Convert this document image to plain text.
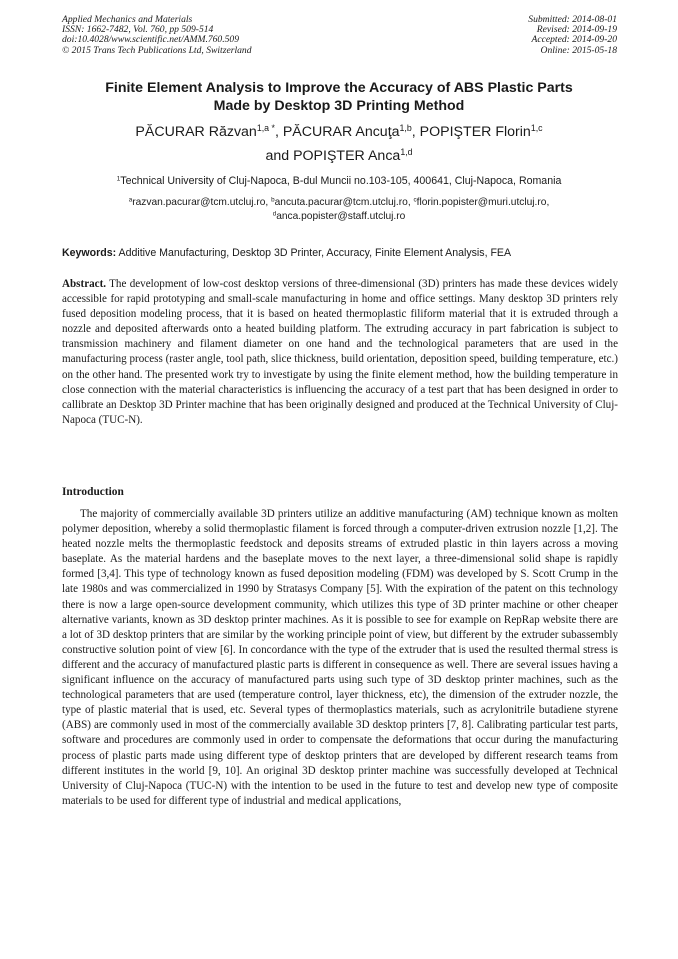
Applied Mechanics and Materials
ISSN: 1662-7482, Vol. 760, pp 509-514
doi:10.4028/www.scientific.net/AMM.760.509
© 2015 Trans Tech Publications Ltd, Switzerland
Submitted: 2014-08-01
Revised: 2014-09-19
Accepted: 2014-09-20
Online: 2015-05-18
Finite Element Analysis to Improve the Accuracy of ABS Plastic Parts
Made by Desktop 3D Printing Method
PĂCURAR Răzvan$^{1,a *}$, PĂCURAR Ancuţa$^{1,b}$, POPIŞTER Florin$^{1,c}$
and POPIŞTER Anca$^{1,d}$
$^1$Technical University of Cluj-Napoca, B-dul Muncii no.103-105, 400641, Cluj-Napoca, Romania
$^a$razvan.pacurar@tcm.utcluj.ro, $^b$ancuta.pacurar@tcm.utcluj.ro, $^c$florin.popister@muri.utcluj.ro,
$^d$anca.popister@staff.utcluj.ro
Keywords: Additive Manufacturing, Desktop 3D Printer, Accuracy, Finite Element Analysis, FEA
Abstract. The development of low-cost desktop versions of three-dimensional (3D) printers has made these devices widely accessible for rapid prototyping and small-scale manufacturing in home and office settings. Many desktop 3D printers rely fused deposition modeling process, that it is based on heated thermoplastic filiform material that it is extruded through a nozzle and deposited afterwards onto a heated building platform. The extruding accuracy in part fabrication is subject to transmission machinery and filament diameter on one hand and the technological parameters that are used in the manufacturing process (raster angle, tool path, slice thickness, build orientation, deposition speed, building temperature, etc.) on the other hand. The presented work try to investigate by using the finite element method, how the building temperature in close connection with the material characteristics is influencing the accuracy of a test part that has been designed in order to callibrate an Desktop 3D Printer machine that has been originally designed and produced at the Technical University of Cluj-Napoca (TUC-N).
Introduction
The majority of commercially available 3D printers utilize an additive manufacturing (AM) technique known as molten polymer deposition, whereby a solid thermoplastic filament is forced through a computer-driven extrusion nozzle [1,2]. The heated nozzle melts the thermoplastic feedstock and deposits streams of extruded plastic in thin layers across a moving baseplate. As the material hardens and the baseplate moves to the next layer, a three-dimensional solid shape is rapidly formed [3,4]. This type of technology known as fused deposition modeling (FDM) was developed by S. Scott Crump in the late 1980s and was commercialized in 1990 by Stratasys Company [5]. With the expiration of the patent on this technology there is now a large open-source development community, which utilizes this type of 3D printer machine or other cheaper alternative variants, known as 3D desktop printer machines. As it is possible to see for example on RepRap website there are a lot of 3D desktop printers that are similar by the working principle point of view, but different by the extruder subassembly constructive solution point of view [6]. In concordance with the type of the extruder that is used the resulted thermal stress is different and the accuracy of manufactured plastic parts is different in consequence as well. There are several issues having a significant influence on the accuracy of manufactured parts using such type of 3D desktop printer machines, such as the technological parameters that are used (temperature control, layer thickness, etc), the dimension of the extruder nozzle, the type of plastic material that is used, etc. Several types of thermoplastics materials, such as acrylonitrile butadiene styrene (ABS) are commonly used in most of the commercially available 3D desktop printers [7, 8]. Calibrating particular test parts, software and procedures are commonly used in order to compensate the deformations that occur during the manufacturing process of plastic parts made using different type of desktop printers that are developed by different research teams from different institutes in the world [9, 10]. An original 3D desktop printer machine was successfully developed at Technical University of Cluj-Napoca (TUC-N) with the intention to be used in the future to test and develop new type of composite materials to be used for different type of industrial and medical applications,
